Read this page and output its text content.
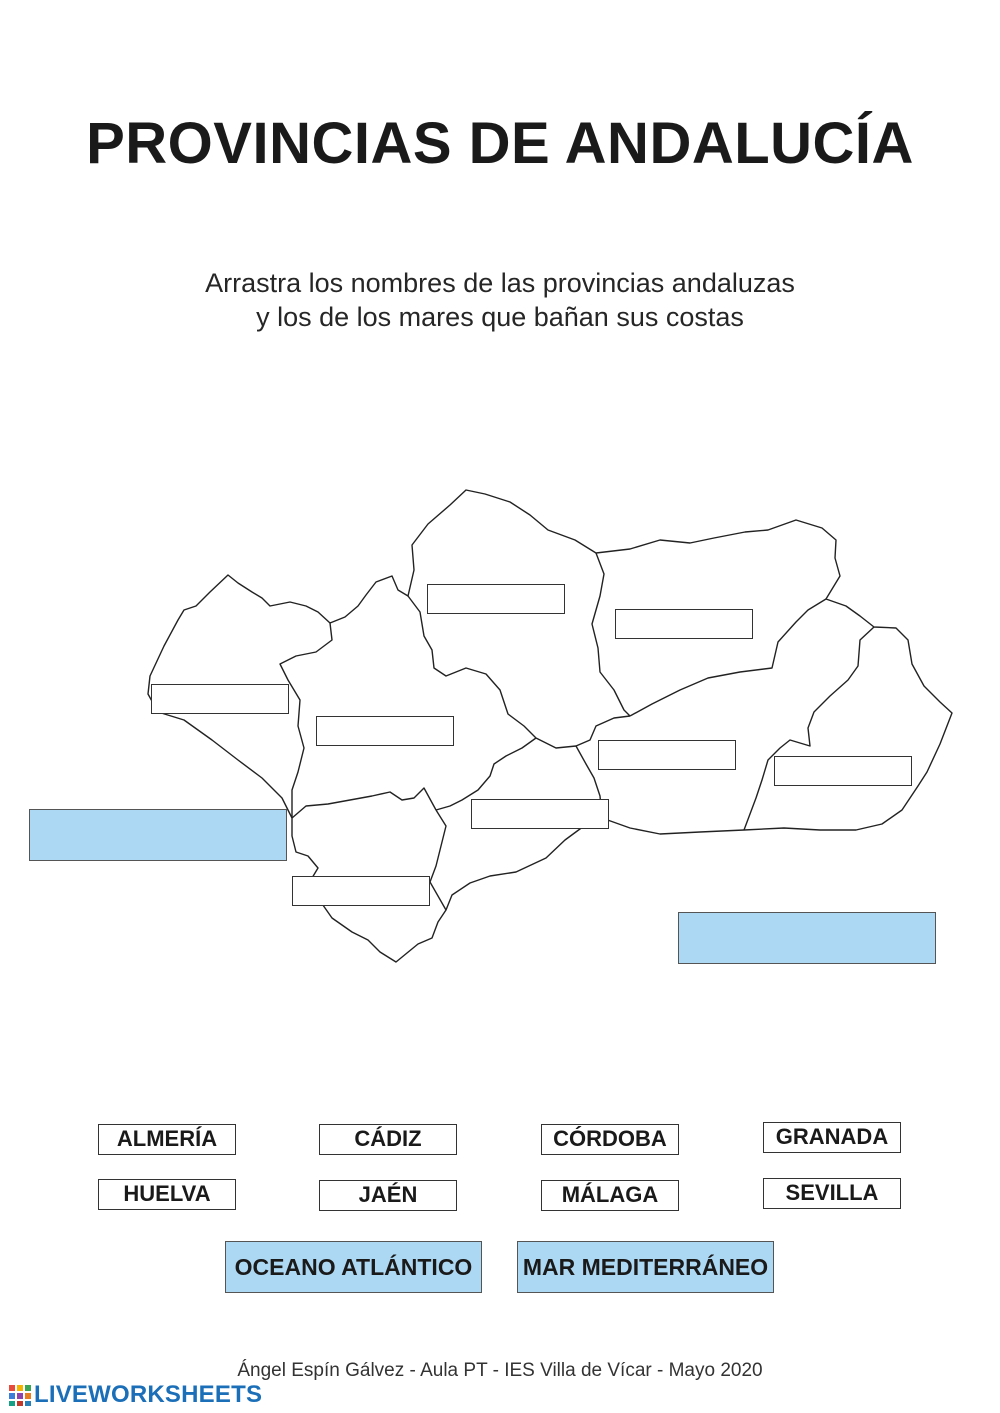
PROVINCIAS DE ANDALUCÍA
Arrastra los nombres de las provincias andaluzas
y los de los mares que bañan sus costas
ALMERÍA	CÁDIZ	CÓRDOBA	GRANADA
HUELVA	JAÉN	MÁLAGA	SEVILLA
OCEANO ATLÁNTICO	MAR MEDITERRÁNEO
Ángel Espín Gálvez - Aula PT - IES Villa de Vícar - Mayo 2020
LIVEWORKSHEETS
